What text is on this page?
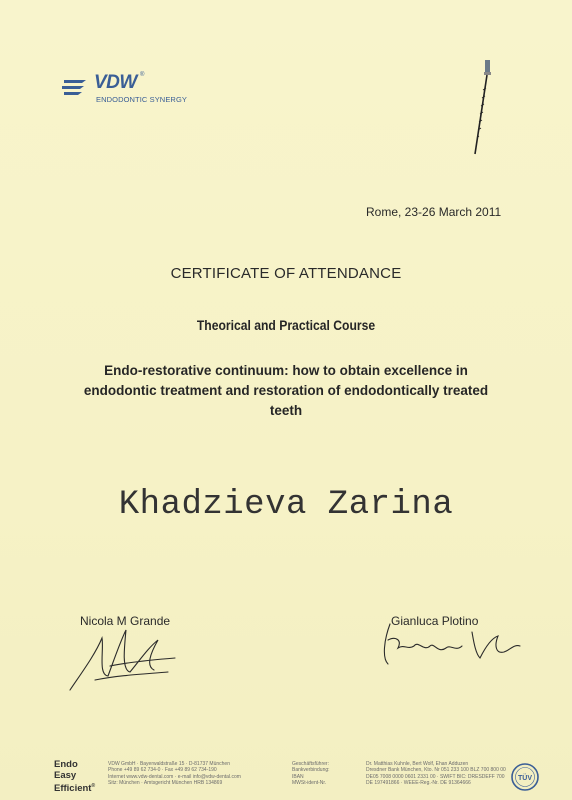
VDW ®
ENDODONTIC SYNERGY
Rome, 23-26 March 2011
CERTIFICATE OF ATTENDANCE
Theorical and Practical Course
Endo-restorative continuum: how to obtain excellence in endodontic treatment and restoration of endodontically treated teeth
Khadzieva Zarina
Nicola M Grande	Gianluca Plotino
Endo
Easy
Efficient®
VDW GmbH · Bayerwaldstraße 15 · D-81737 München
Phone +49 89 62 734-0 · Fax +49 89 62 734-190
Internet www.vdw-dental.com · e-mail info@vdw-dental.com
Sitz: München · Amtsgericht München HRB 134869
Geschäftsführer:
Bankverbindung:
IBAN
MWSt-ident-Nr.
Dr. Matthias Kuhnle, Bert Wolf, Ehan Adduzen
Dresdner Bank München, Kto. Nr 051 233 100 BLZ 700 800 00
DE05 7008 0000 0601 2331 00 · SWIFT BIC: DRESDEFF 700
DE 197491866 · WEEE-Reg.-Nr. DE 91364666
TÜV
